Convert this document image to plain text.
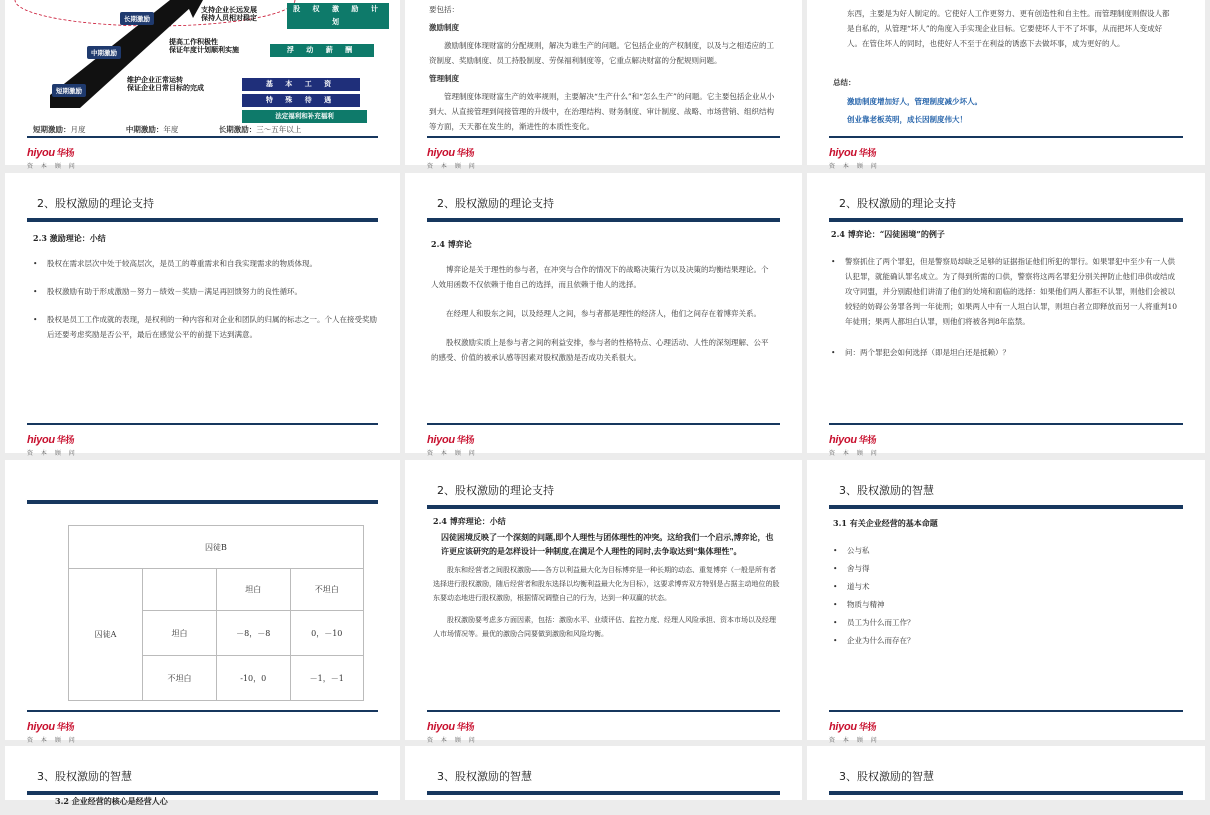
长期激励
中期激励
短期激励
支持企业长远发展
保持人员相对稳定
提高工作积极性
保证年度计划顺利实施
维护企业正常运转
保证企业日常目标的完成
股 权 激 励 计 划
浮 动 薪 酬
基 本 工 资
特 殊 待 遇
法定福利和补充福利
短期激励：月度	中期激励：年度	长期激励：三～五年以上
hiyou 华扬
资 本 顾 问
要包括：
激励制度
激励制度体现财富的分配规则，解决为谁生产的问题。它包括企业的产权制度，以及与之相适应的工资制度、奖励制度、员工持股制度、劳保福利制度等，它重点解决财富的分配规则问题。
管理制度
管理制度体现财富生产的效率规则，主要解决“生产什么”和“怎么生产”的问题。它主要包括企业从小到大、从直接管理到间接管理的升级中，在治理结构、财务制度、审计制度、战略、市场营销、组织结构等方面，天天都在发生的，渐进性的本质性变化。
hiyou 华扬
资 本 顾 问
东西，主要是为好人制定的。它使好人工作更努力、更有创造性和自主性。而管理制度则假设人都是自私的，从管理“坏人”的角度入手实现企业目标。它要使坏人干不了坏事，从而把坏人变成好人。在管住坏人的同时，也使好人不至于在利益的诱惑下去做坏事，成为更好的人。
总结：
激励制度增加好人，管理制度减少坏人。
创业靠老板英明，成长因制度伟大！
hiyou 华扬
资 本 顾 问
2、股权激励的理论支持
2.3 激励理论：小结
• 股权在需求层次中处于较高层次，是员工的尊重需求和自我实现需求的物质体现。
• 股权激励有助于形成激励－努力－绩效－奖励－满足再回馈努力的良性循环。
• 股权是员工工作成就的表现，是权利的一种内容和对企业和团队的归属的标志之一。个人在接受奖励后还要考虑奖励是否公平，最后在感觉公平的前提下达到满意。
hiyou 华扬
资 本 顾 问
2、股权激励的理论支持
2.4 博弈论
博弈论是关于理性的参与者，在冲突与合作的情况下的战略决策行为以及决策的均衡结果理论。个人效用函数不仅依赖于他自己的选择，而且依赖于他人的选择。
在经理人和股东之间，以及经理人之间，参与者都是理性的经济人，他们之间存在着博弈关系。
股权激励实质上是参与者之间的利益安排，参与者的性格特点、心理活动、人性的深刻理解、公平的感受、价值的被承认感等因素对股权激励是否成功关系很大。
hiyou 华扬
资 本 顾 问
2、股权激励的理论支持
2.4 博弈论：“囚徒困境”的例子
• 警察抓住了两个罪犯，但是警察局却缺乏足够的证据指证他们所犯的罪行。如果罪犯中至少有一人供认犯罪，就能确认罪名成立。为了得到所需的口供，警察将这两名罪犯分别关押防止他们串供或结成攻守同盟，并分别跟他们讲清了他们的处境和面临的选择：如果他们两人都拒不认罪，则他们会被以较轻的妨碍公务罪各判一年徒刑；如果两人中有一人坦白认罪，则坦白者立即释放而另一人将重判10年徒刑；果两人都坦白认罪，则他们将被各判8年监禁。
• 问：两个罪犯会如何选择（即是坦白还是抵赖）？
hiyou 华扬
资 本 顾 问
囚徒B			
囚徒A		坦白	不坦白
	坦白	－8，－8	0，－10
	不坦白	-10，0	－1，－1
hiyou 华扬
资 本 顾 问
2、股权激励的理论支持
2.4 博弈理论：小结
囚徒困境反映了一个深刻的问题,即个人理性与团体理性的冲突。这给我们一个启示,博弈论，也许更应该研究的是怎样设计一种制度,在满足个人理性的同时,去争取达到“集体理性”。
股东和经营者之间股权激励——各方以利益最大化为目标博弈是一种长期的动态、重复博弈（一般是所有者选择进行股权激励，随后经营者和股东选择以均衡利益最大化为目标），这要求博弈双方特别是占据主动地位的股东要动态地进行股权激励，根据情况调整自己的行为，达到一种双赢的状态。
股权激励要考虑多方面因素，包括：激励水平、业绩评估、监控力度、经理人风险承担、资本市场以及经理人市场情况等。最优的激励合同要做到激励和风险均衡。
hiyou 华扬
资 本 顾 问
3、股权激励的智慧
3.1 有关企业经营的基本命题
• 公与私
• 舍与得
• 道与术
• 物质与精神
• 员工为什么而工作？
• 企业为什么而存在？
hiyou 华扬
资 本 顾 问
3、股权激励的智慧
3.2 企业经营的核心是经营人心
3、股权激励的智慧	3、股权激励的智慧
